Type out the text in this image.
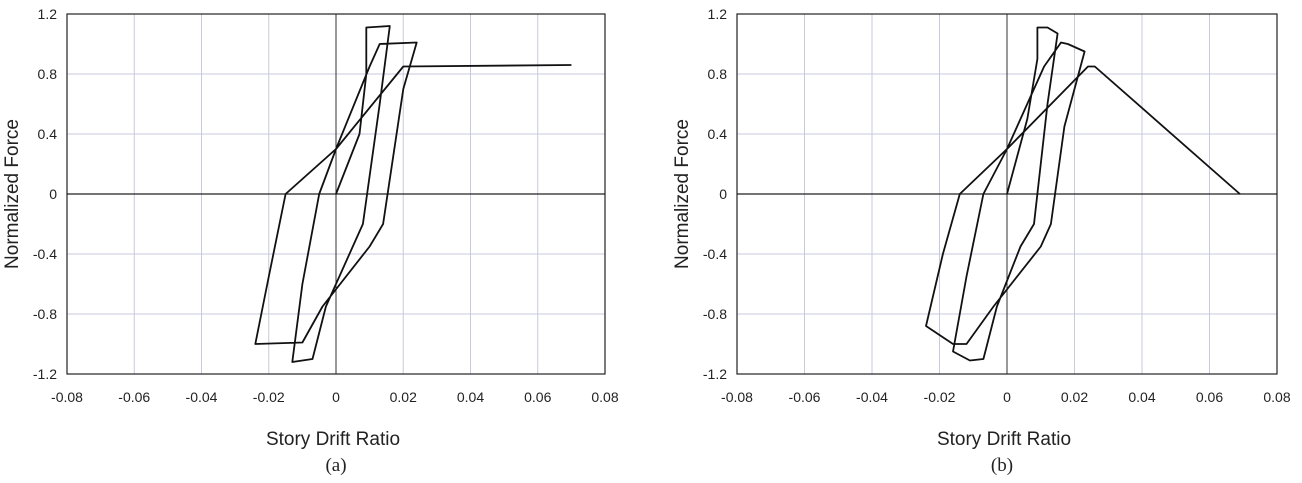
-0.08	-0.06	-0.04	-0.02	0	0.02	0.04	0.06	0.08
1.2
0.8
0.4
0
-0.4
-0.8
-1.2
Story Drift Ratio
Normalized Force
(a)
-0.08	-0.06	-0.04	-0.02	0	0.02	0.04	0.06	0.08
1.2
0.8
0.4
0
-0.4
-0.8
-1.2
Story Drift Ratio
Normalized Force
(b)
